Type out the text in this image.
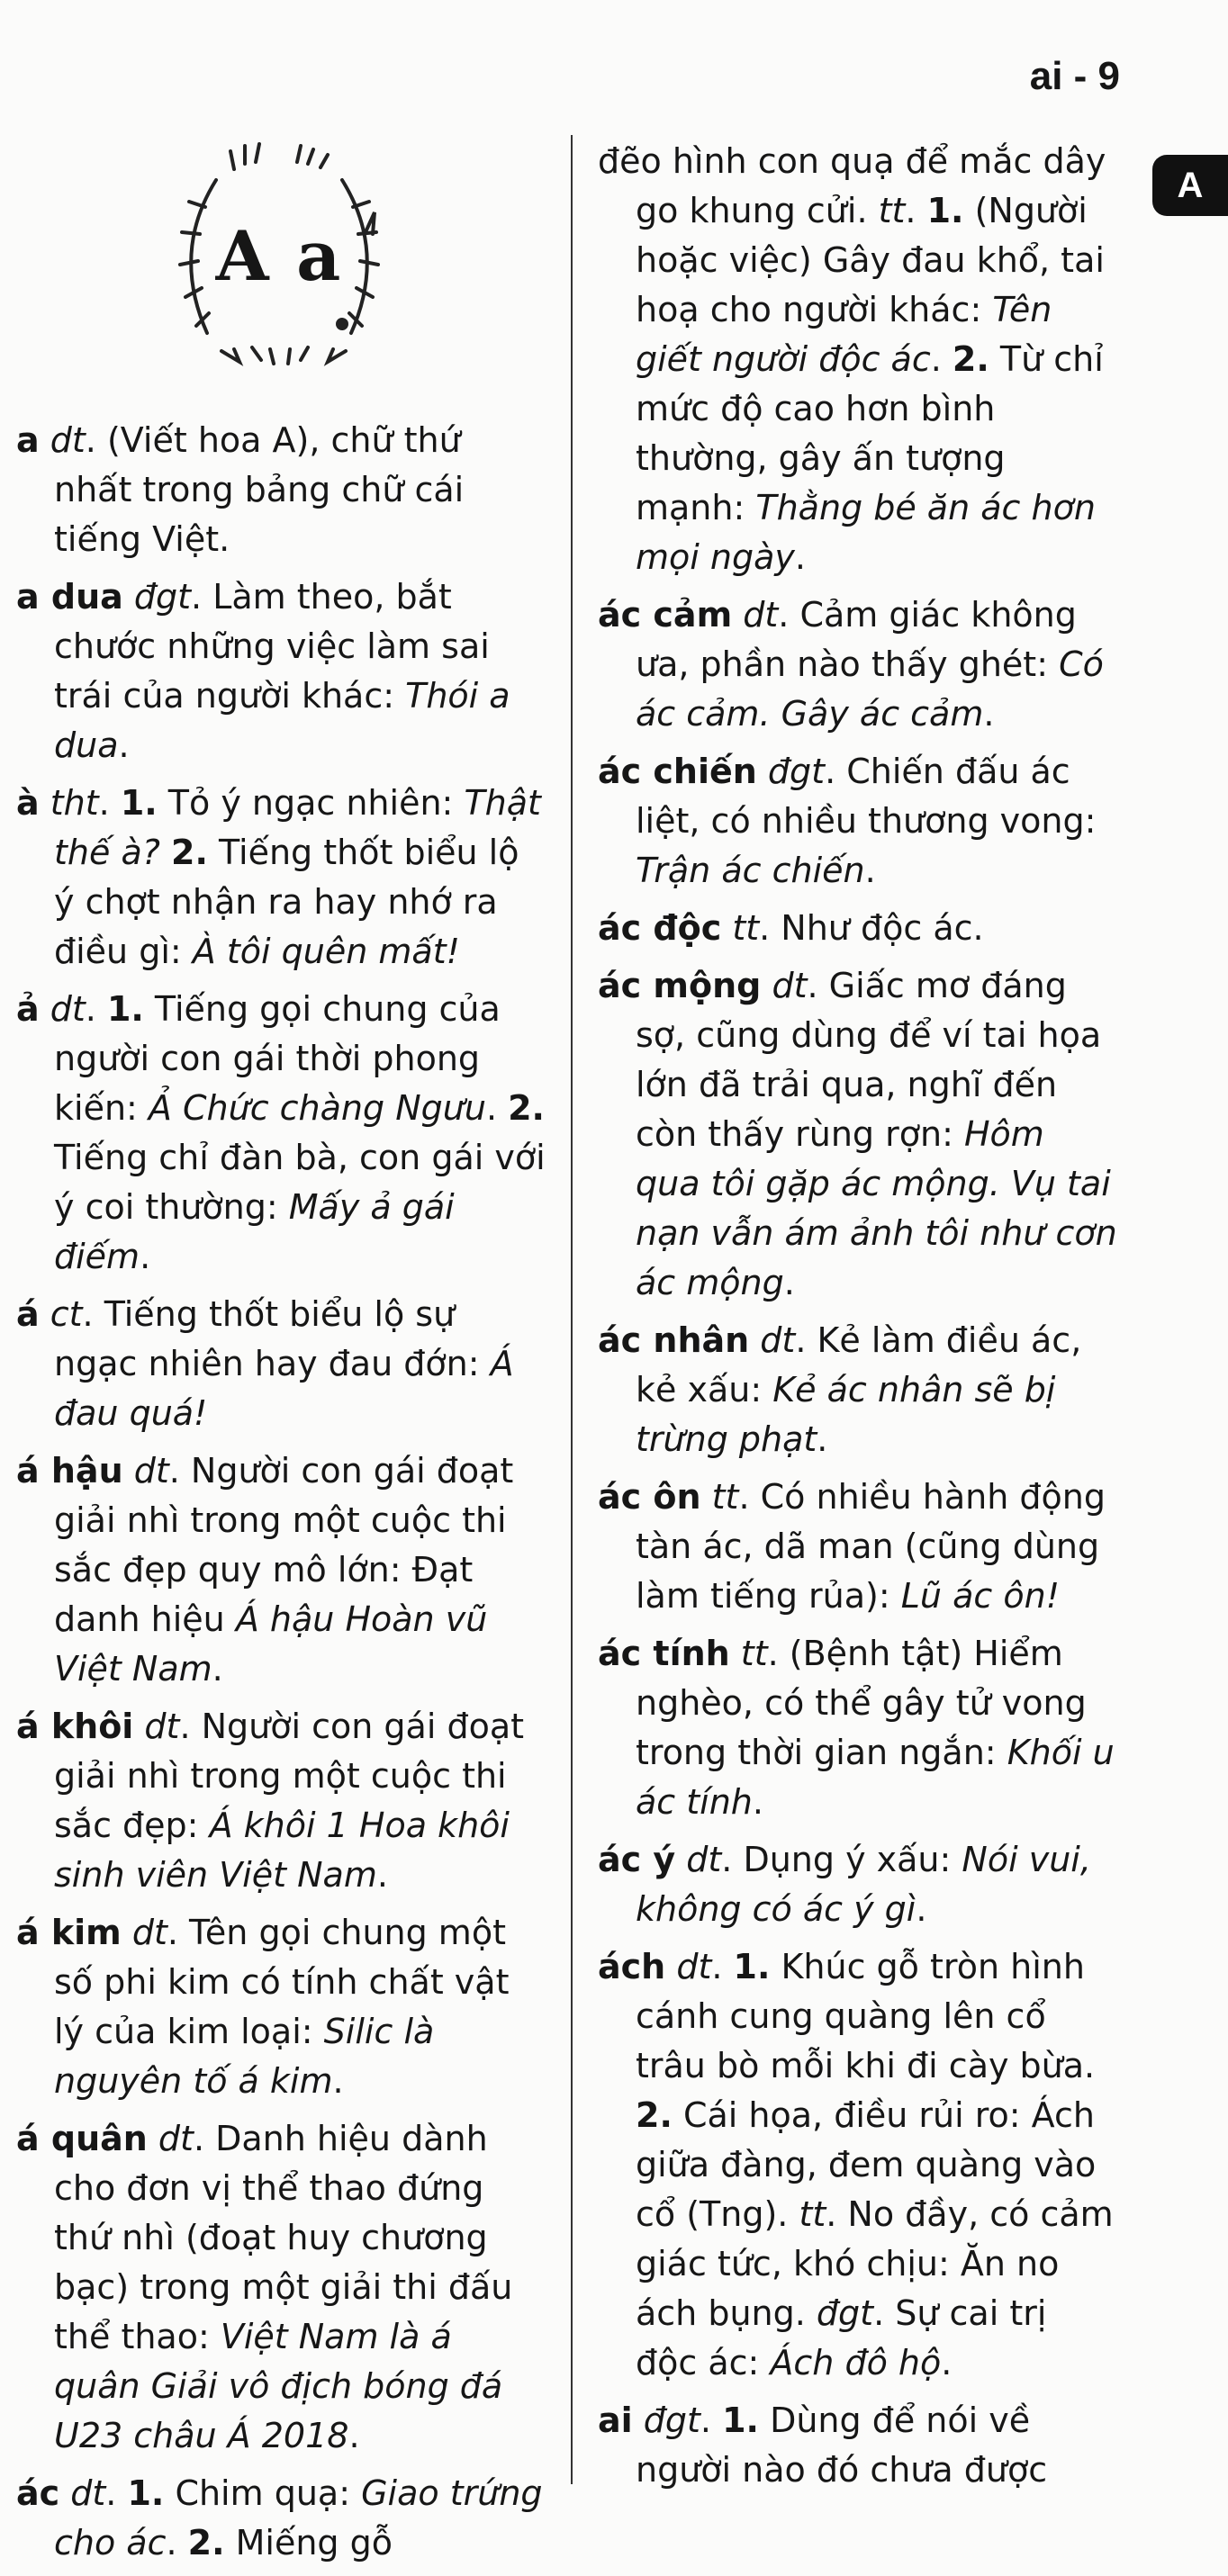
ai - 9
A
A a

a dt. (Viết hoa A), chữ thứ nhất trong bảng chữ cái tiếng Việt.

a dua đgt. Làm theo, bắt chước những việc làm sai trái của người khác: Thói a dua.

à tht. 1. Tỏ ý ngạc nhiên: Thật thế à? 2. Tiếng thốt biểu lộ ý chợt nhận ra hay nhớ ra điều gì: À tôi quên mất!

ả dt. 1. Tiếng gọi chung của người con gái thời phong kiến: Ả Chức chàng Ngưu. 2. Tiếng chỉ đàn bà, con gái với ý coi thường: Mấy ả gái điếm.

á ct. Tiếng thốt biểu lộ sự ngạc nhiên hay đau đớn: Á đau quá!

á hậu dt. Người con gái đoạt giải nhì trong một cuộc thi sắc đẹp quy mô lớn: Đạt danh hiệu Á hậu Hoàn vũ Việt Nam.

á khôi dt. Người con gái đoạt giải nhì trong một cuộc thi sắc đẹp: Á khôi 1 Hoa khôi sinh viên Việt Nam.

á kim dt. Tên gọi chung một số phi kim có tính chất vật lý của kim loại: Silic là nguyên tố á kim.

á quân dt. Danh hiệu dành cho đơn vị thể thao đứng thứ nhì (đoạt huy chương bạc) trong một giải thi đấu thể thao: Việt Nam là á quân Giải vô địch bóng đá U23 châu Á 2018.

ác dt. 1. Chim quạ: Giao trứng cho ác. 2. Miếng gỗ

đẽo hình con quạ để mắc dây go khung cửi. tt. 1. (Người hoặc việc) Gây đau khổ, tai hoạ cho người khác: Tên giết người độc ác. 2. Từ chỉ mức độ cao hơn bình thường, gây ấn tượng mạnh: Thằng bé ăn ác hơn mọi ngày.

ác cảm dt. Cảm giác không ưa, phần nào thấy ghét: Có ác cảm. Gây ác cảm.

ác chiến đgt. Chiến đấu ác liệt, có nhiều thương vong: Trận ác chiến.

ác độc tt. Như độc ác.

ác mộng dt. Giấc mơ đáng sợ, cũng dùng để ví tai họa lớn đã trải qua, nghĩ đến còn thấy rùng rợn: Hôm qua tôi gặp ác mộng. Vụ tai nạn vẫn ám ảnh tôi như cơn ác mộng.

ác nhân dt. Kẻ làm điều ác, kẻ xấu: Kẻ ác nhân sẽ bị trừng phạt.

ác ôn tt. Có nhiều hành động tàn ác, dã man (cũng dùng làm tiếng rủa): Lũ ác ôn!

ác tính tt. (Bệnh tật) Hiểm nghèo, có thể gây tử vong trong thời gian ngắn: Khối u ác tính.

ác ý dt. Dụng ý xấu: Nói vui, không có ác ý gì.

ách dt. 1. Khúc gỗ tròn hình cánh cung quàng lên cổ trâu bò mỗi khi đi cày bừa. 2. Cái họa, điều rủi ro: Ách giữa đàng, đem quàng vào cổ (Tng). tt. No đầy, có cảm giác tức, khó chịu: Ăn no ách bụng. đgt. Sự cai trị độc ác: Ách đô hộ.

ai đgt. 1. Dùng để nói về người nào đó chưa được
